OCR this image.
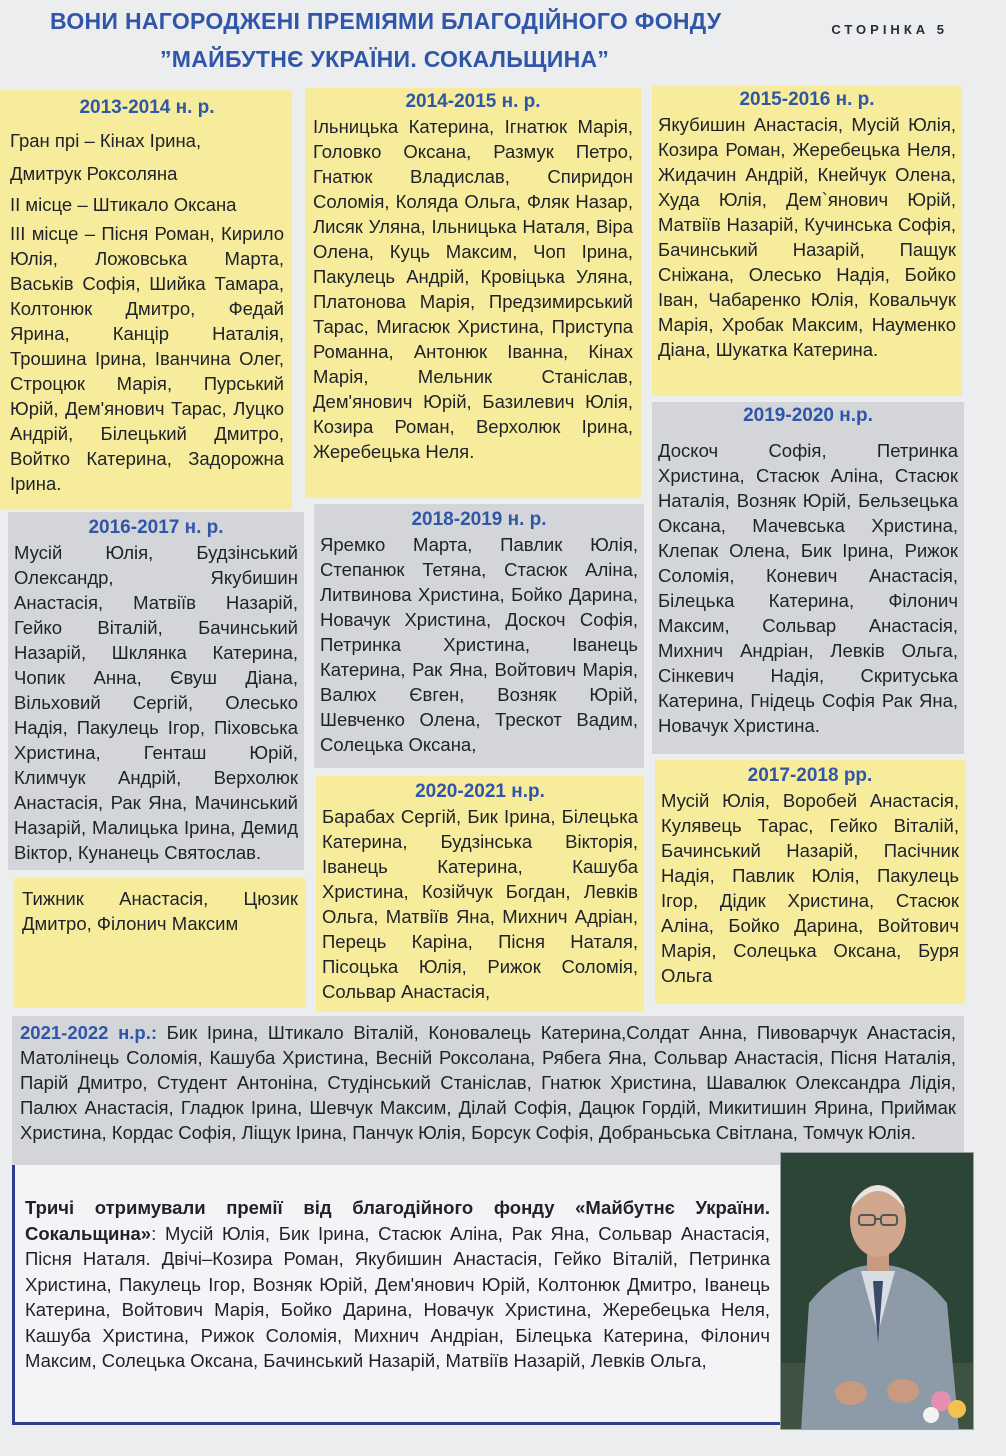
ВОНИ НАГОРОДЖЕНІ ПРЕМІЯМИ БЛАГОДІЙНОГО ФОНДУ
”МАЙБУТНЄ УКРАЇНИ. СОКАЛЬЩИНА”
СТОРІНКА 5
2013-2014 н. р.

Гран прі – Кінах Ірина,

Дмитрук Роксоляна

II місце – Штикало Оксана

III місце – Пісня Роман, Кирило Юлія, Ложовська Марта, Васьків Софія, Шийка Тамара, Колтонюк Дмитро, Федай Ярина, Канцір Наталія, Трошина Ірина, Іванчина Олег, Строцюк Марія, Пурський Юрій, Дем'янович Тарас, Луцко Андрій, Білецький Дмитро, Войтко Катерина, Задорожна Ірина.

2014-2015 н. р.

Ільницька Катерина, Ігнатюк Марія, Головко Оксана, Размук Петро, Гнатюк Владислав, Спиридон Соломія, Коляда Ольга, Фляк Назар, Лисяк Уляна, Ільницька Наталя, Віра Олена, Куць Максим, Чоп Ірина, Пакулець Андрій, Кровіцька Уляна, Платонова Марія, Предзимирський Тарас, Мигасюк Христина, Приступа Романна, Антонюк Іванна, Кінах Марія, Мельник Станіслав, Дем'янович Юрій, Базилевич Юлія, Козира Роман, Верхолюк Ірина, Жеребецька Неля.

2015-2016 н. р.

Якубишин Анастасія, Мусій Юлія, Козира Роман, Жеребецька Неля, Жидачин Андрій, Кнейчук Олена, Худа Юлія, Дем`янович Юрій, Матвіїв Назарій, Кучинська Софія, Бачинський Назарій, Пащук Сніжана, Олесько Надія, Бойко Іван, Чабаренко Юлія, Ковальчук Марія, Хробак Максим, Науменко Діана, Шукатка Катерина.

2016-2017 н. р.

Мусій Юлія, Будзінський Олександр, Якубишин Анастасія, Матвіїв Назарій, Гейко Віталій, Бачинський Назарій, Шклянка Катерина, Чопик Анна, Євуш Діана, Вільховий Сергій, Олесько Надія, Пакулець Ігор, Піховська Христина, Генташ Юрій, Климчук Андрій, Верхолюк Анастасія, Рак Яна, Мачинський Назарій, Малицька Ірина, Демид Віктор, Кунанець Святослав.

Тижник Анастасія, Цюзик Дмитро, Філонич Максим

2018-2019 н. р.

Яремко Марта, Павлик Юлія, Степанюк Тетяна, Стасюк Аліна, Литвинова Христина, Бойко Дарина, Новачук Христина, Доскоч Софія, Петринка Христина, Іванець Катерина, Рак Яна, Войтович Марія, Валюх Євген, Возняк Юрій, Шевченко Олена, Трескот Вадим, Солецька Оксана,

2019-2020 н.р.

Доскоч Софія, Петринка Христина, Стасюк Аліна, Стасюк Наталія, Возняк Юрій, Бельзецька Оксана, Мачевська Христина, Клепак Олена, Бик Ірина, Рижок Соломія, Коневич Анастасія, Білецька Катерина, Філонич Максим, Сольвар Анастасія, Михнич Андріан, Левків Ольга, Сінкевич Надія, Скритуська Катерина, Гнідець Софія Рак Яна, Новачук Христина.

2020-2021 н.р.

Барабах Сергій, Бик Ірина, Білецька Катерина, Будзінська Вікторія, Іванець Катерина, Кашуба Христина, Козійчук Богдан, Левків Ольга, Матвіїв Яна, Михнич Адріан, Перець Каріна, Пісня Наталя, Пісоцька Юлія, Рижок Соломія, Сольвар Анастасія,

2017-2018 рр.

Мусій Юлія, Воробей Анастасія, Кулявець Тарас, Гейко Віталій, Бачинський Назарій, Пасічник Надія, Павлик Юлія, Пакулець Ігор, Дідик Христина, Стасюк Аліна, Бойко Дарина, Войтович Марія, Солецька Оксана, Буря Ольга

2021-2022 н.р.: Бик Ірина, Штикало Віталій, Коновалець Катерина,Солдат Анна, Пивоварчук Анастасія, Матолінець Соломія, Кашуба Христина, Весній Роксолана, Рябега Яна, Сольвар Анастасія, Пісня Наталія, Парій Дмитро, Студент Антоніна, Студінський Станіслав, Гнатюк Христина, Шавалюк Олександра Лідія, Палюх Анастасія, Гладюк Ірина, Шевчук Максим, Ділай Софія, Дацюк Гордій, Микитишин Ярина, Приймак Христина, Кордас Софія, Ліщук Ірина, Панчук Юлія, Борсук Софія, Добраньська Світлана, Томчук Юлія.

Тричі отримували премії від благодійного фонду «Майбутнє України. Сокальщина»: Мусій Юлія, Бик Ірина, Стасюк Аліна, Рак Яна, Сольвар Анастасія, Пісня Наталя. Двічі–Козира Роман, Якубишин Анастасія, Гейко Віталій, Петринка Христина, Пакулець Ігор, Возняк Юрій, Дем'янович Юрій, Колтонюк Дмитро, Іванець Катерина, Войтович Марія, Бойко Дарина, Новачук Христина, Жеребецька Неля, Кашуба Христина, Рижок Соломія, Михнич Андріан, Білецька Катерина, Філонич Максим, Солецька Оксана, Бачинський Назарій, Матвіїв Назарій, Левків Ольга,
